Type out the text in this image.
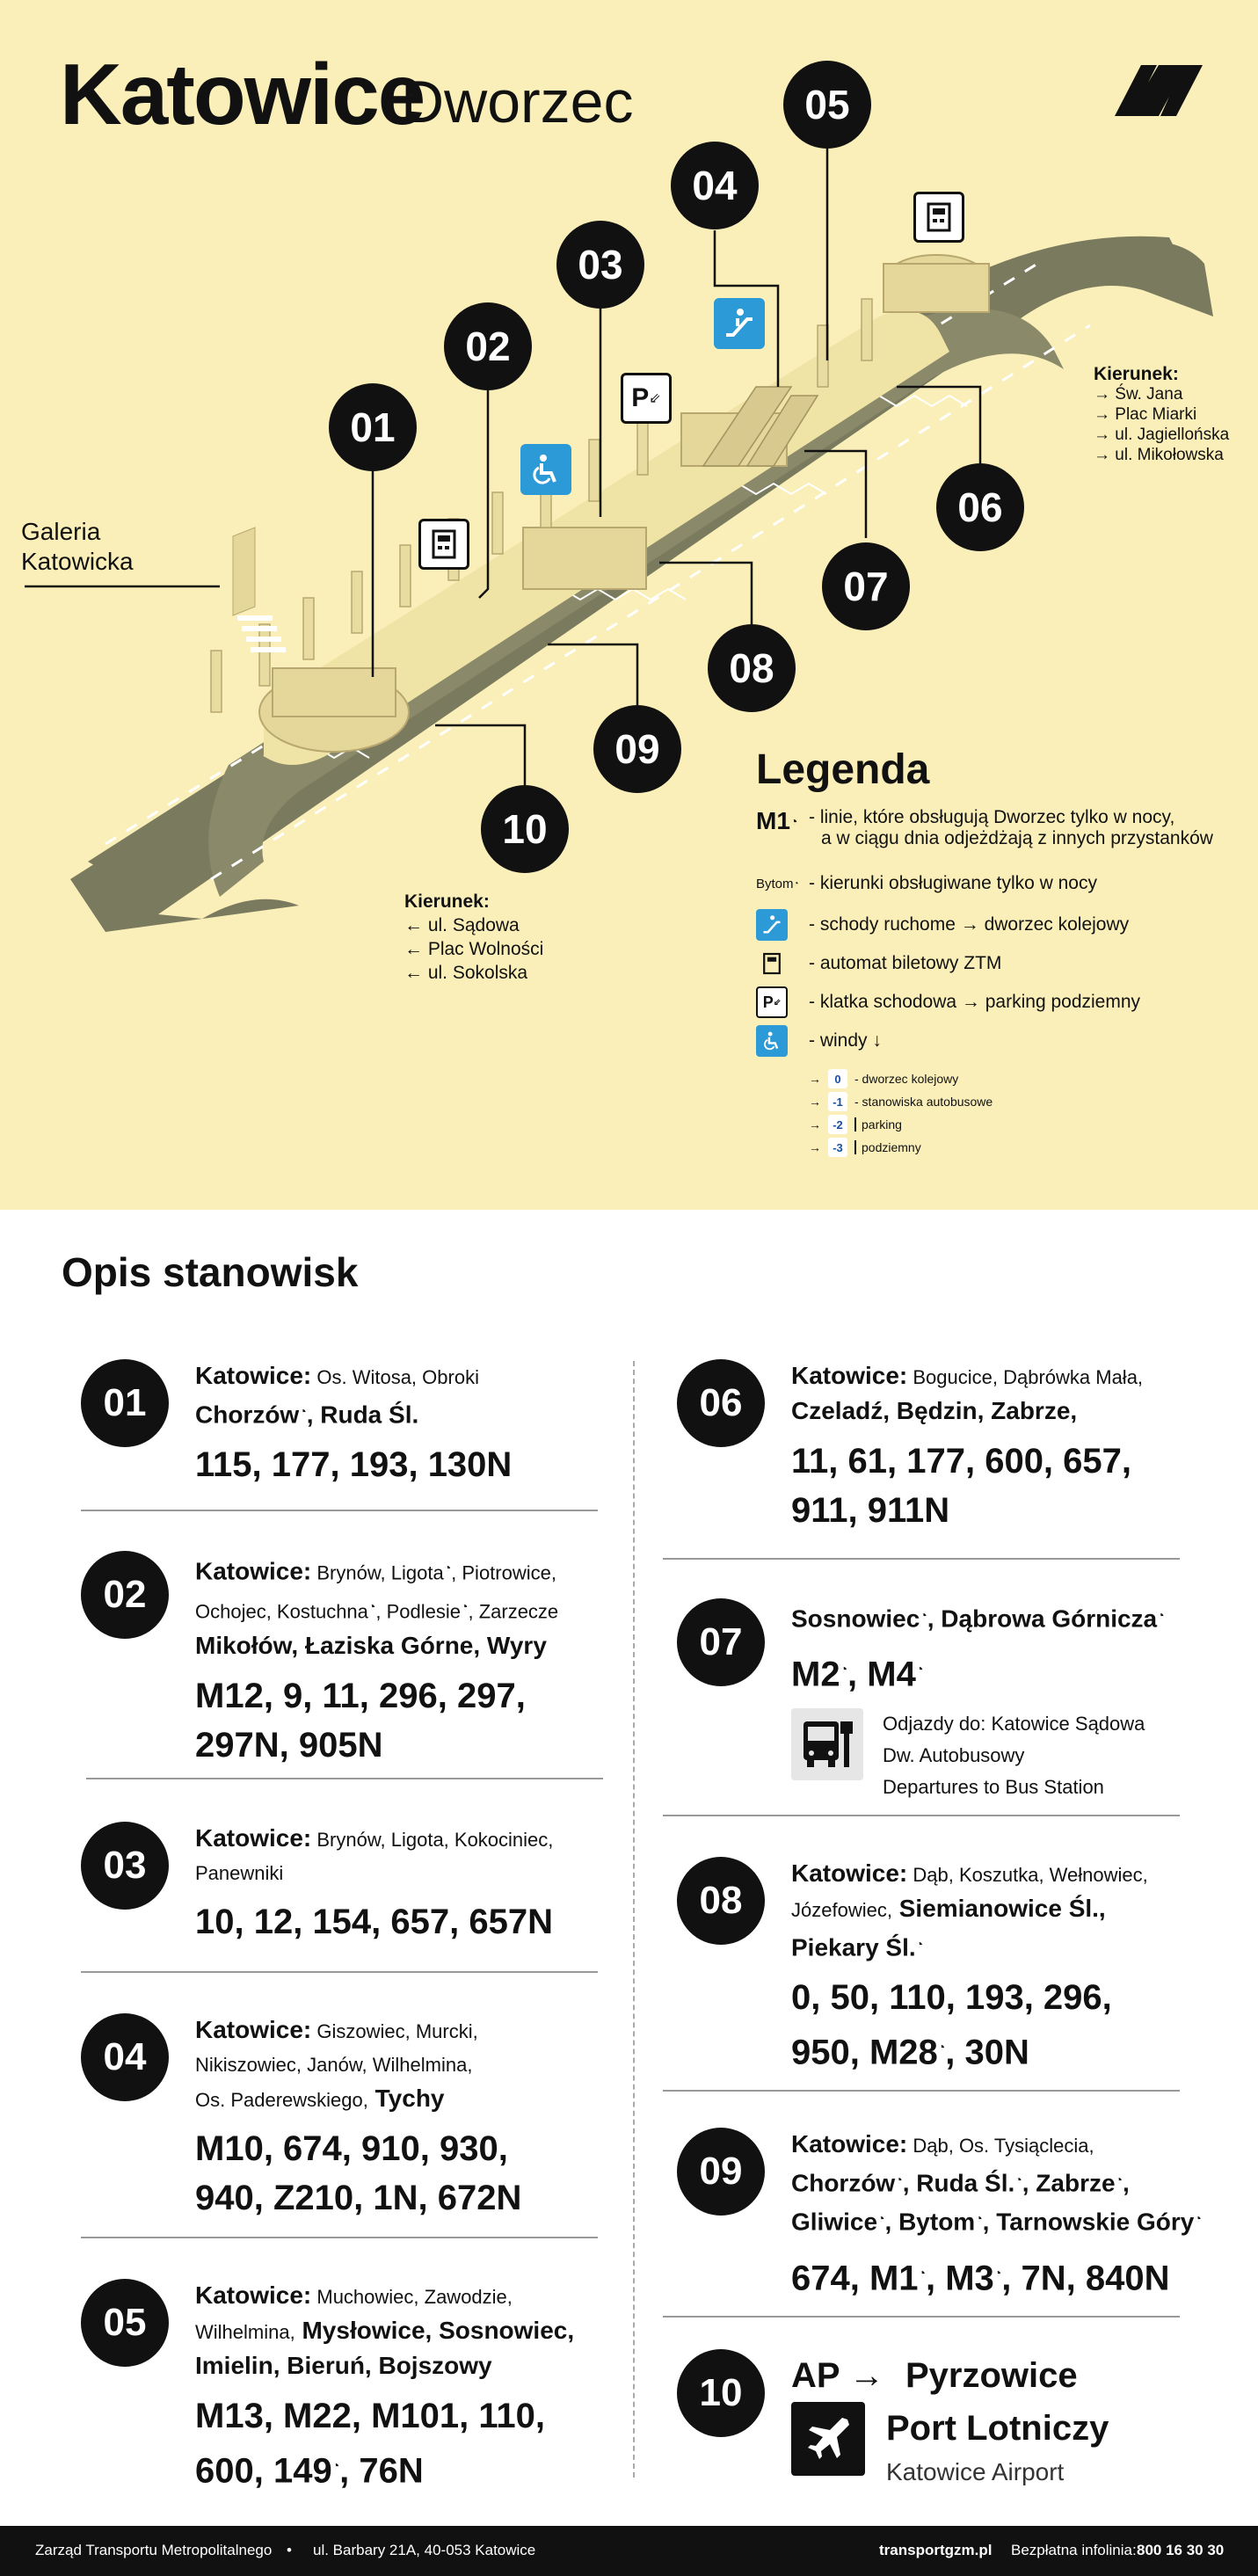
Katowice
Dworzec
01
02
03
04
05
06
07
08
09
10
P ⇙
Galeria
Katowicka
Kierunek:
→ Św. Jana
→ Plac Miarki
→ ul. Jagiellońska
→ ul. Mikołowska
Kierunek:
← ul. Sądowa
← Plac Wolności
← ul. Sokolska
Legenda
M1 ◔ - linie, które obsługują Dworzec tylko w nocy,
a w ciągu dnia odjeżdżają z innych przystanków
Bytom ◔ - kierunki obsługiwane tylko w nocy
- schody ruchome → dworzec kolejowy
- automat biletowy ZTM
P ⇙ - klatka schodowa → parking podziemny
- windy ↓
→	0	- dworzec kolejowy
→	-1 - stanowiska autobusowe
→	-2	parking
→	-3	podziemny
Opis stanowisk
01
Katowice: Os. Witosa, Obroki
Chorzów◔, Ruda Śl.
115, 177, 193, 130N
02
Katowice: Brynów, Ligota◔, Piotrowice,
Ochojec, Kostuchna◔, Podlesie◔, Zarzecze
Mikołów, Łaziska Górne, Wyry
M12, 9, 11, 296, 297,
297N, 905N
03
Katowice: Brynów, Ligota, Kokociniec,
Panewniki
10, 12, 154, 657, 657N
04
Katowice: Giszowiec, Murcki,
Nikiszowiec, Janów, Wilhelmina,
Os. Paderewskiego, Tychy
M10, 674, 910, 930,
940, Z210, 1N, 672N
05
Katowice: Muchowiec, Zawodzie,
Wilhelmina, Mysłowice, Sosnowiec,
Imielin, Bieruń, Bojszowy
M13, M22, M101, 110,
600, 149◔, 76N
06
Katowice: Bogucice, Dąbrówka Mała,
Czeladź, Będzin, Zabrze,
11, 61, 177, 600, 657,
911, 911N
07
Sosnowiec◔, Dąbrowa Górnicza◔
M2◔, M4◔
Odjazdy do: Katowice Sądowa
Dw. Autobusowy
Departures to Bus Station
08
Katowice: Dąb, Koszutka, Wełnowiec,
Józefowiec, Siemianowice Śl.,
Piekary Śl.◔
0, 50, 110, 193, 296,
950, M28◔, 30N
09
Katowice: Dąb, Os. Tysiąclecia,
Chorzów◔, Ruda Śl.◔, Zabrze◔,
Gliwice◔, Bytom◔, Tarnowskie Góry◔
674, M1◔, M3◔, 7N, 840N
10	AP → Pyrzowice
Port Lotniczy
Katowice Airport
Zarząd Transportu Metropolitalnego • ul. Barbary 21A, 40-053 Katowice	transportgzm.pl Bezpłatna infolinia: 800 16 30 30
